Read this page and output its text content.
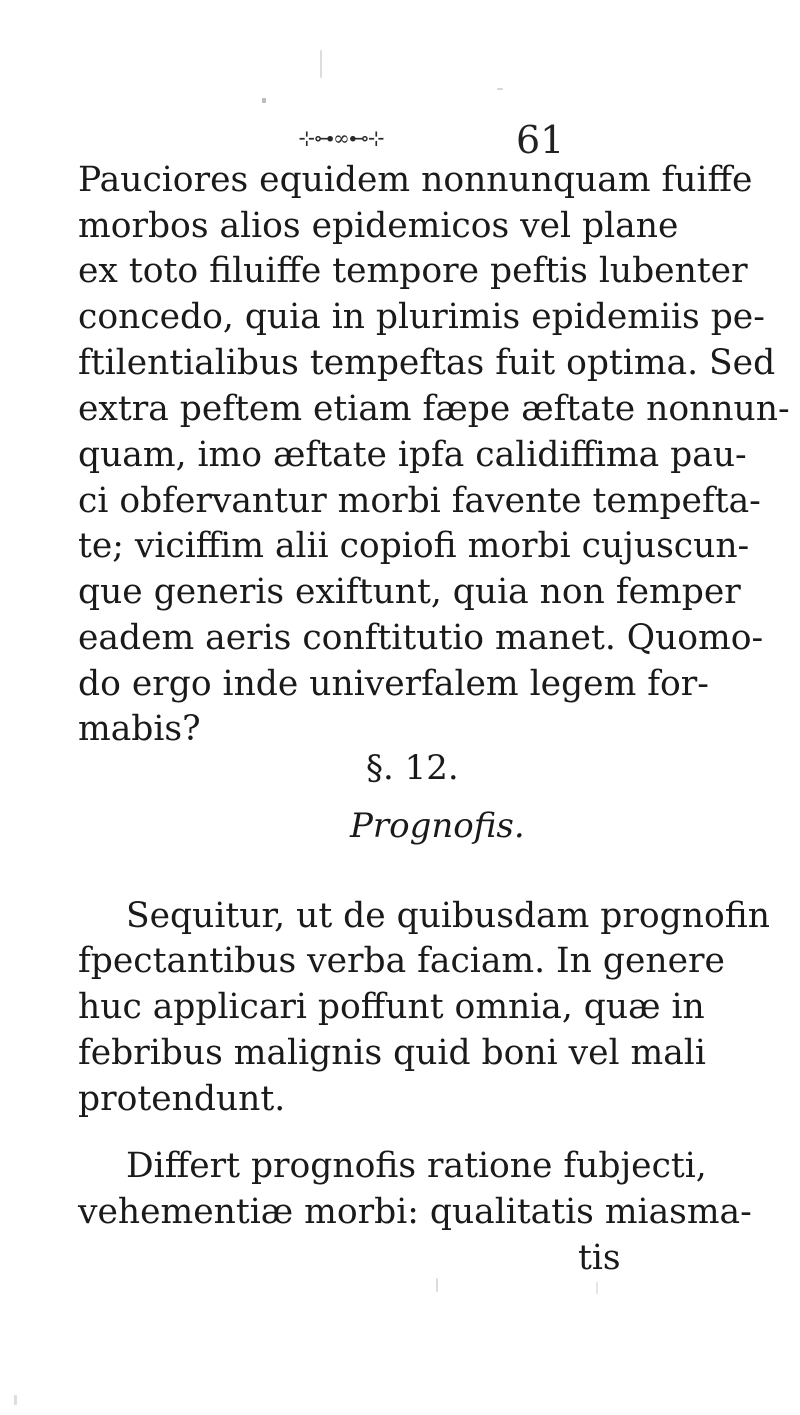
⊹⊶∞⊷⊹	61
Pauciores equidem nonnunquam fuiffe
morbos alios epidemicos vel plane
ex toto filuiffe tempore peftis lubenter
concedo, quia in plurimis epidemiis pe-
ftilentialibus tempeftas fuit optima. Sed
extra peftem etiam fæpe æftate nonnun-
quam, imo æftate ipfa calidiffima pau-
ci obfervantur morbi favente tempefta-
te; viciffim alii copiofi morbi cujuscun-
que generis exiftunt, quia non femper
eadem aeris conftitutio manet. Quomo-
do ergo inde univerfalem legem for-
mabis?
§. 12.
Prognofis.
Sequitur, ut de quibusdam prognofin
fpectantibus verba faciam. In genere
huc applicari poffunt omnia, quæ in
febribus malignis quid boni vel mali
protendunt.
Differt prognofis ratione fubjecti,
vehementiæ morbi: qualitatis miasma-
tis
